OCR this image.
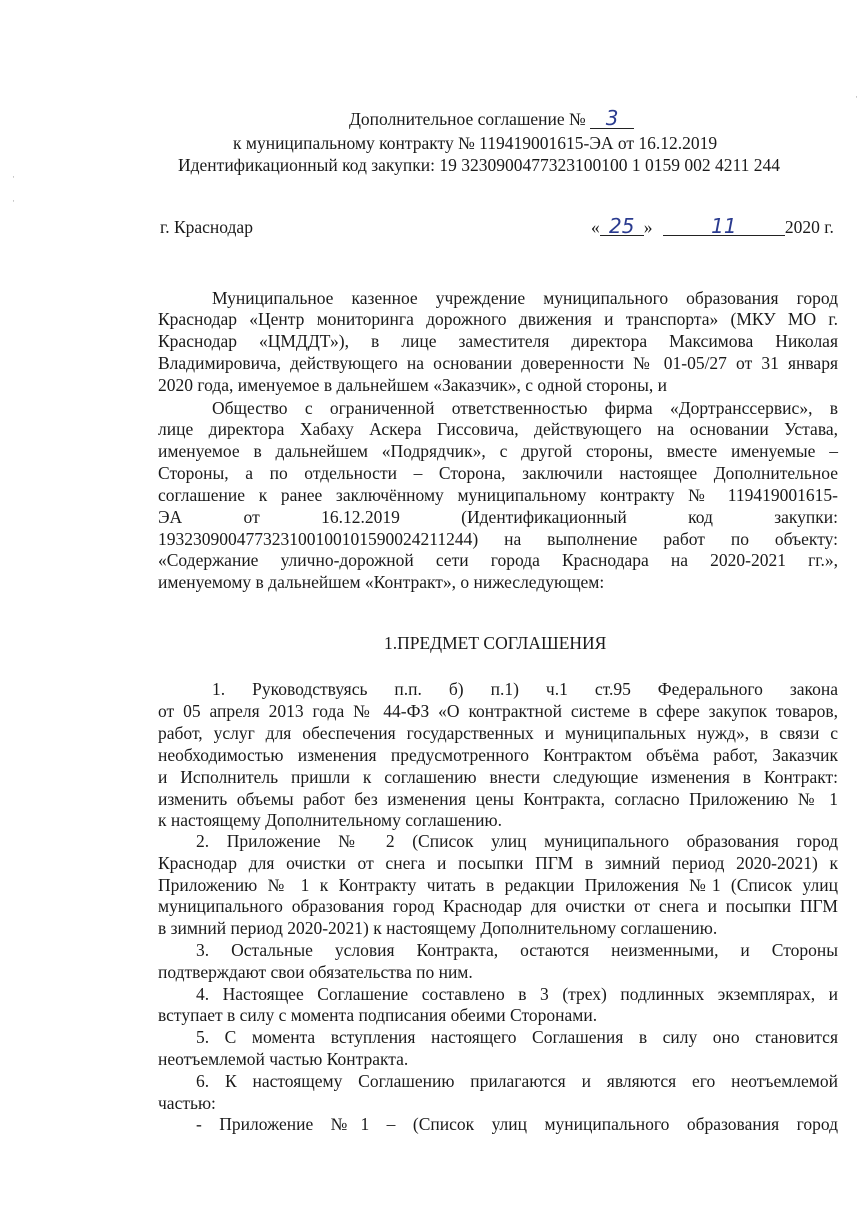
Дополнительное соглашение № 3
к муниципальному контракту № 119419001615-ЭА от 16.12.2019
Идентификационный код закупки: 19 3230900477323100100 1 0159 002 4211 244
г. Краснодар	« 25 »	11	2020 г.
Муниципальное казенное учреждение муниципального образования город
Краснодар «Центр мониторинга дорожного движения и транспорта» (МКУ МО г.
Краснодар «ЦМДДТ»), в лице заместителя директора Максимова Николая
Владимировича, действующего на основании доверенности № 01-05/27 от 31 января
2020 года, именуемое в дальнейшем «Заказчик», с одной стороны, и
Общество с ограниченной ответственностью фирма «Дортранссервис», в
лице директора Хабаху Аскера Гиссовича, действующего на основании Устава,
именуемое в дальнейшем «Подрядчик», с другой стороны, вместе именуемые –
Стороны, а по отдельности – Сторона, заключили настоящее Дополнительное
соглашение к ранее заключённому муниципальному контракту № 119419001615-
ЭА от 16.12.2019 (Идентификационный код закупки:
193230900477323100100101590024211244) на выполнение работ по объекту:
«Содержание улично-дорожной сети города Краснодара на 2020-2021 гг.»,
именуемому в дальнейшем «Контракт», о нижеследующем:
1.ПРЕДМЕТ СОГЛАШЕНИЯ
1. Руководствуясь п.п. б) п.1) ч.1 ст.95 Федерального закона
от 05 апреля 2013 года № 44-ФЗ «О контрактной системе в сфере закупок товаров,
работ, услуг для обеспечения государственных и муниципальных нужд», в связи с
необходимостью изменения предусмотренного Контрактом объёма работ, Заказчик
и Исполнитель пришли к соглашению внести следующие изменения в Контракт:
изменить объемы работ без изменения цены Контракта, согласно Приложению № 1
к настоящему Дополнительному соглашению.
2. Приложение № 2 (Список улиц муниципального образования город
Краснодар для очистки от снега и посыпки ПГМ в зимний период 2020-2021) к
Приложению № 1 к Контракту читать в редакции Приложения №1 (Список улиц
муниципального образования город Краснодар для очистки от снега и посыпки ПГМ
в зимний период 2020-2021) к настоящему Дополнительному соглашению.
3. Остальные условия Контракта, остаются неизменными, и Стороны
подтверждают свои обязательства по ним.
4. Настоящее Соглашение составлено в 3 (трех) подлинных экземплярах, и
вступает в силу с момента подписания обеими Сторонами.
5. С момента вступления настоящего Соглашения в силу оно становится
неотъемлемой частью Контракта.
6. К настоящему Соглашению прилагаются и являются его неотъемлемой
частью:
- Приложение №1 – (Список улиц муниципального образования город
·
·
·
